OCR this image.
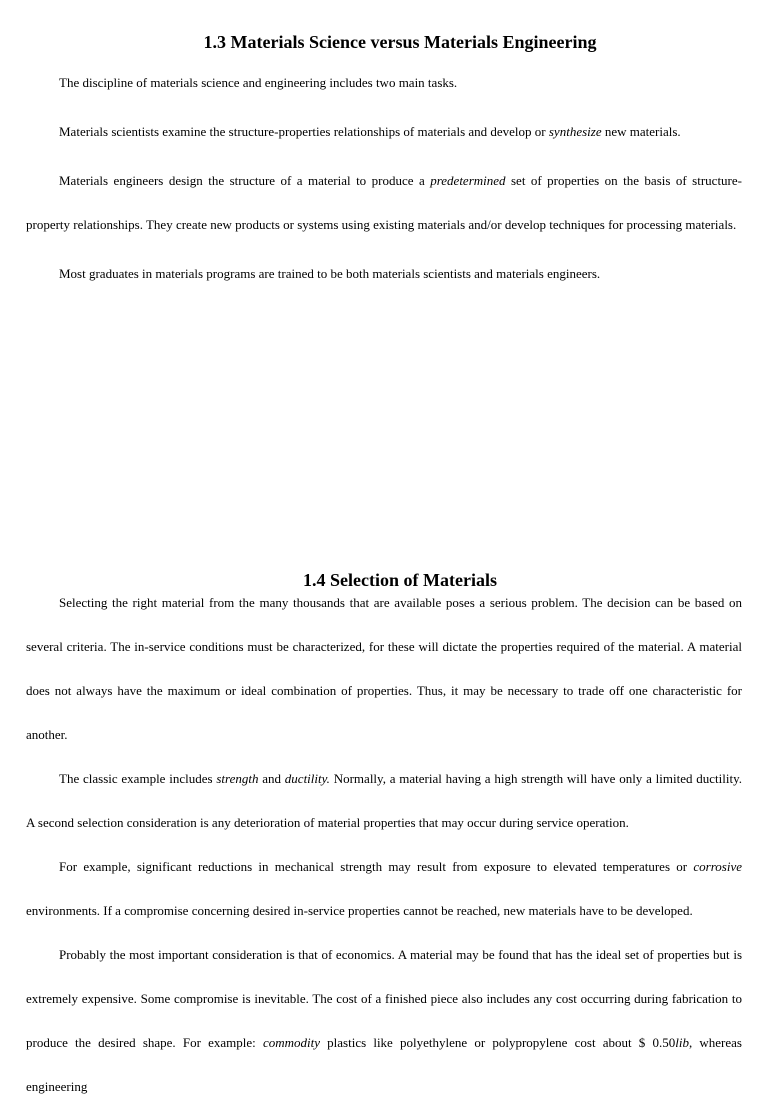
1.3 Materials Science versus Materials Engineering

The discipline of materials science and engineering includes two main tasks.

Materials scientists examine the structure-properties relationships of materials and develop or synthesize new materials.

Materials engineers design the structure of a material to produce a predetermined set of properties on the basis of structure-property relationships. They create new products or systems using existing materials and/or develop techniques for processing materials.

Most graduates in materials programs are trained to be both materials scientists and materials engineers.

1.4 Selection of Materials

Selecting the right material from the many thousands that are available poses a serious problem. The decision can be based on several criteria. The in-service conditions must be characterized, for these will dictate the properties required of the material. A material does not always have the maximum or ideal combination of properties. Thus, it may be necessary to trade off one characteristic for another.

The classic example includes strength and ductility. Normally, a material having a high strength will have only a limited ductility. A second selection consideration is any deterioration of material properties that may occur during service operation.

For example, significant reductions in mechanical strength may result from exposure to elevated temperatures or corrosive environments. If a compromise concerning desired in-service properties cannot be reached, new materials have to be developed.

Probably the most important consideration is that of economics. A material may be found that has the ideal set of properties but is extremely expensive. Some compromise is inevitable. The cost of a finished piece also includes any cost occurring during fabrication to produce the desired shape. For example: commodity plastics like polyethylene or polypropylene cost about $ 0.50lib, whereas engineering
